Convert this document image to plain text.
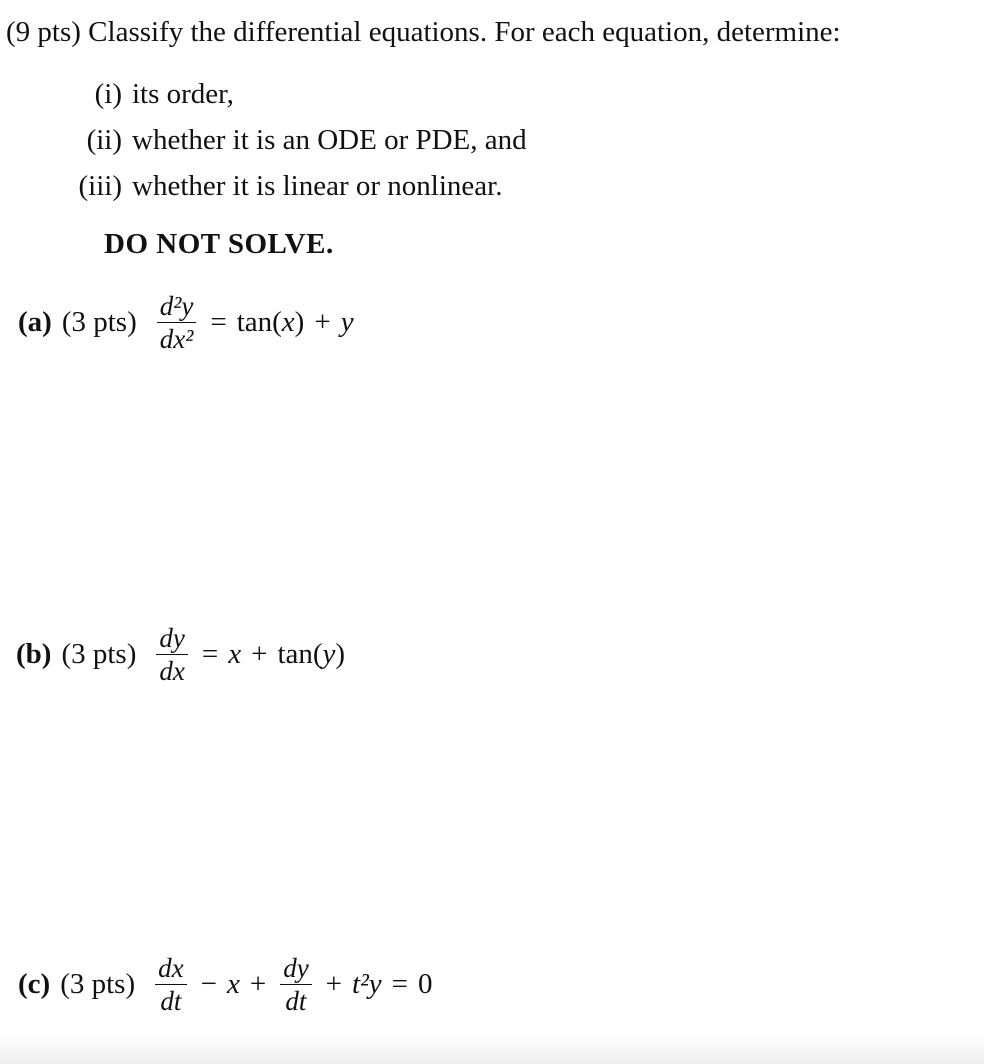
(9 pts) Classify the differential equations. For each equation, determine:
(i) its order,
(ii) whether it is an ODE or PDE, and
(iii) whether it is linear or nonlinear.
DO NOT SOLVE.
(a) (3 $pts) \frac{\text{d²y}}{\text{dx²}} = \tan(x) + y$
(b) (3 $pts) \frac{dy}{dx} = x + \tan(y)$
(c) (3 $pts) \frac{dx}{dt} - x + \frac{dy}{dt} + t^2y = 0$
